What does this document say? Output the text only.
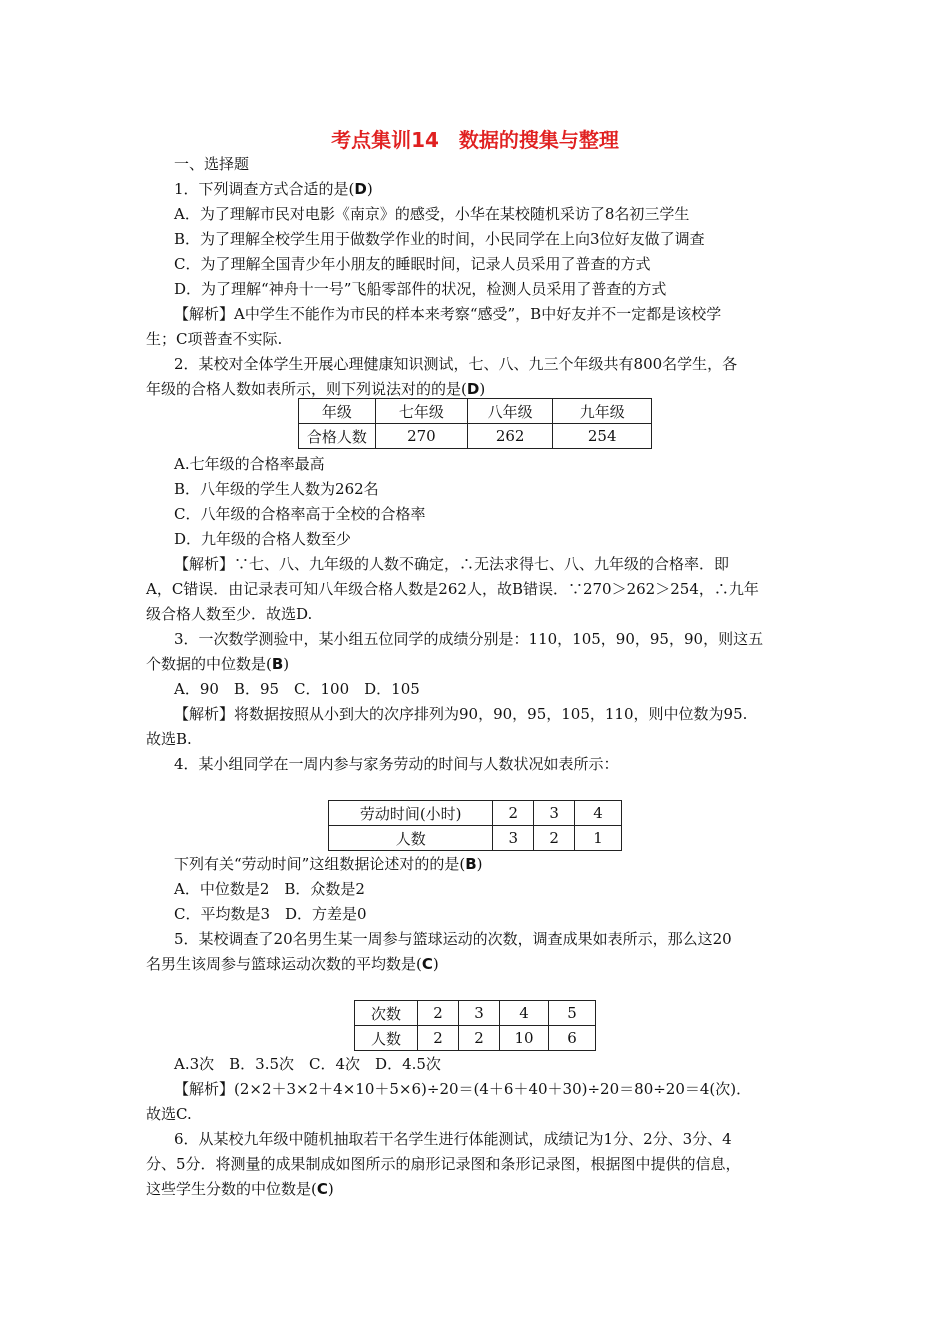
考点集训14　数据的搜集与整理
一、选择题
1．下列调查方式合适的是(D)
A．为了理解市民对电影《南京》的感受，小华在某校随机采访了8名初三学生
B．为了理解全校学生用于做数学作业的时间，小民同学在上向3位好友做了调查
C．为了理解全国青少年小朋友的睡眠时间，记录人员采用了普查的方式
D．为了理解“神舟十一号”飞船零部件的状况，检测人员采用了普查的方式
【解析】A中学生不能作为市民的样本来考察“感受”，B中好友并不一定都是该校学
生；C项普查不实际.
2．某校对全体学生开展心理健康知识测试，七、八、九三个年级共有800名学生，各
年级的合格人数如表所示，则下列说法对的的是(D)
年级	七年级	八年级	九年级
合格人数	270	262	254
A.七年级的合格率最高
B．八年级的学生人数为262名
C．八年级的合格率高于全校的合格率
D．九年级的合格人数至少
【解析】∵七、八、九年级的人数不确定，∴无法求得七、八、九年级的合格率．即
A，C错误．由记录表可知八年级合格人数是262人，故B错误．∵270＞262＞254，∴九年
级合格人数至少．故选D.
3．一次数学测验中，某小组五位同学的成绩分别是：110，105，90，95，90，则这五
个数据的中位数是(B)
A．90　B．95　C．100　D．105
【解析】将数据按照从小到大的次序排列为90，90，95，105，110，则中位数为95.
故选B.
4．某小组同学在一周内参与家务劳动的时间与人数状况如表所示：
劳动时间(小时)	2	3	4
人数	3	2	1
下列有关“劳动时间”这组数据论述对的的是(B)
A．中位数是2　B．众数是2
C．平均数是3　D．方差是0
5．某校调查了20名男生某一周参与篮球运动的次数，调查成果如表所示，那么这20
名男生该周参与篮球运动次数的平均数是(C)
次数	2	3	4	5
人数	2	2	10	6
A.3次　B．3.5次　C．4次　D．4.5次
【解析】(2×2＋3×2＋4×10＋5×6)÷20＝(4＋6＋40＋30)÷20＝80÷20＝4(次)．
故选C.
6．从某校九年级中随机抽取若干名学生进行体能测试，成绩记为1分、2分、3分、4
分、5分．将测量的成果制成如图所示的扇形记录图和条形记录图，根据图中提供的信息，
这些学生分数的中位数是(C)
